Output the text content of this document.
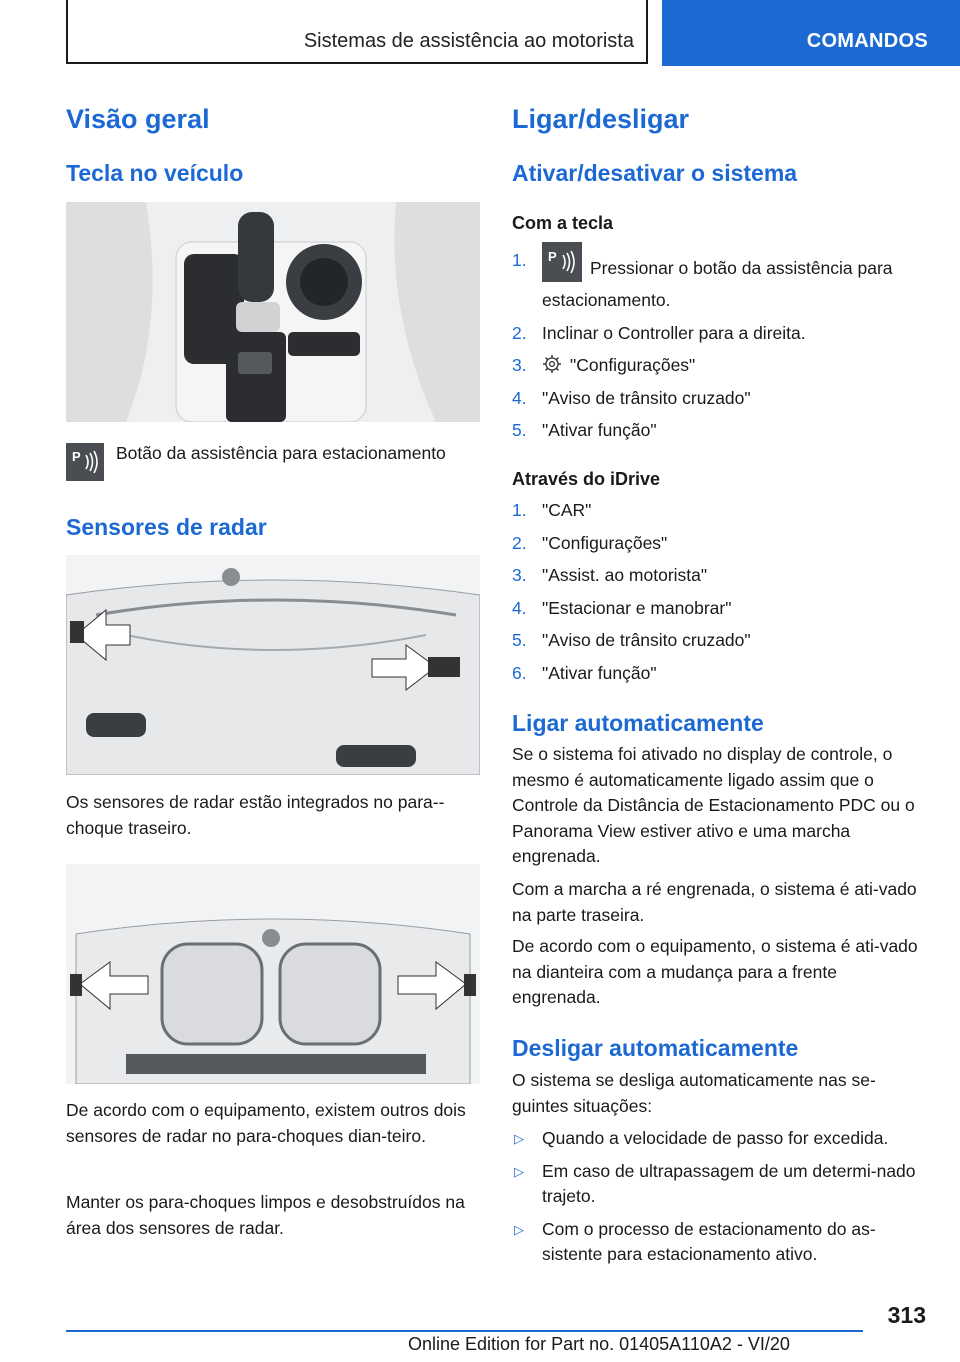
Sistemas de assistência ao motorista	COMANDOS
Visão geral
Tecla no veículo
P Botão da assistência para estacionamento
Sensores de radar
Os sensores de radar estão integrados no para--choque traseiro.
De acordo com o equipamento, existem outros dois sensores de radar no para-choques dian-teiro.
Manter os para-choques limpos e desobstruídos na área dos sensores de radar.
Ligar/desligar
Ativar/desativar o sistema
Com a tecla
1. P
Pressionar o botão da assistência para estacionamento.
2. Inclinar o Controller para a direita.
3. "Configurações"
4. "Aviso de trânsito cruzado"
5. "Ativar função"
Através do iDrive
1. "CAR"
2. "Configurações"
3. "Assist. ao motorista"
4. "Estacionar e manobrar"
5. "Aviso de trânsito cruzado"
6. "Ativar função"
Ligar automaticamente
Se o sistema foi ativado no display de controle, o mesmo é automaticamente ligado assim que o Controle da Distância de Estacionamento PDC ou o Panorama View estiver ativo e uma marcha engrenada.
Com a marcha a ré engrenada, o sistema é ati-vado na parte traseira.
De acordo com o equipamento, o sistema é ati-vado na dianteira com a mudança para a frente engrenada.
Desligar automaticamente
O sistema se desliga automaticamente nas se-guintes situações:
▷ Quando a velocidade de passo for excedida.
▷ Em caso de ultrapassagem de um determi-nado trajeto.
▷ Com o processo de estacionamento do as-sistente para estacionamento ativo.
313
Online Edition for Part no. 01405A110A2 - VI/20
